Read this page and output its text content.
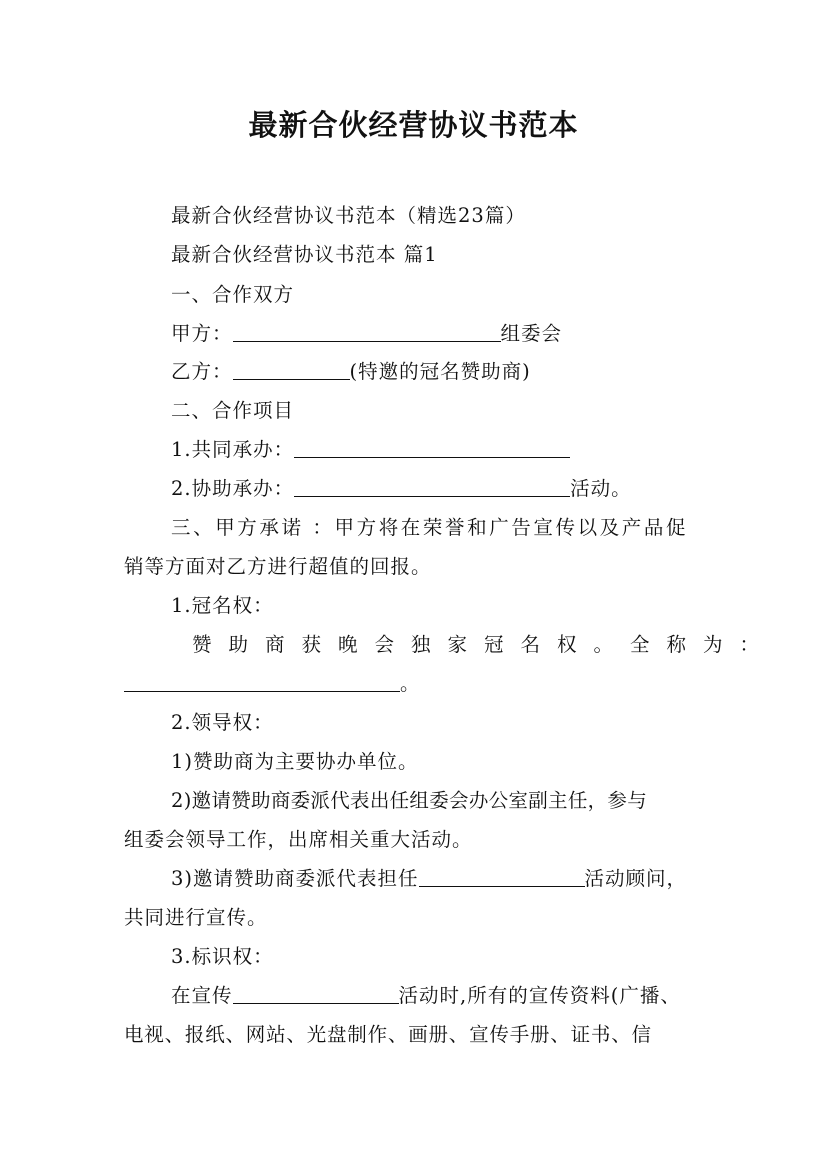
最新合伙经营协议书范本
最新合伙经营协议书范本（精选23篇）
最新合伙经营协议书范本 篇1
一、合作双方
甲方：	组委会
乙方：	(特邀的冠名赞助商)
二、合作项目
1.共同承办：
2.协助承办：	活动。
三、甲方承诺 ：甲方将在荣誉和广告宣传以及产品促
销等方面对乙方进行超值的回报。
1.冠名权：
赞助商获晚会独家冠名权。全称为：
。
2.领导权：
1)赞助商为主要协办单位。
2)邀请赞助商委派代表出任组委会办公室副主任，参与
组委会领导工作，出席相关重大活动。
3)邀请赞助商委派代表担任	活动顾问，
共同进行宣传。
3.标识权：
在宣传	活动时,所有的宣传资料(广播、
电视、报纸、网站、光盘制作、画册、宣传手册、证书、信
